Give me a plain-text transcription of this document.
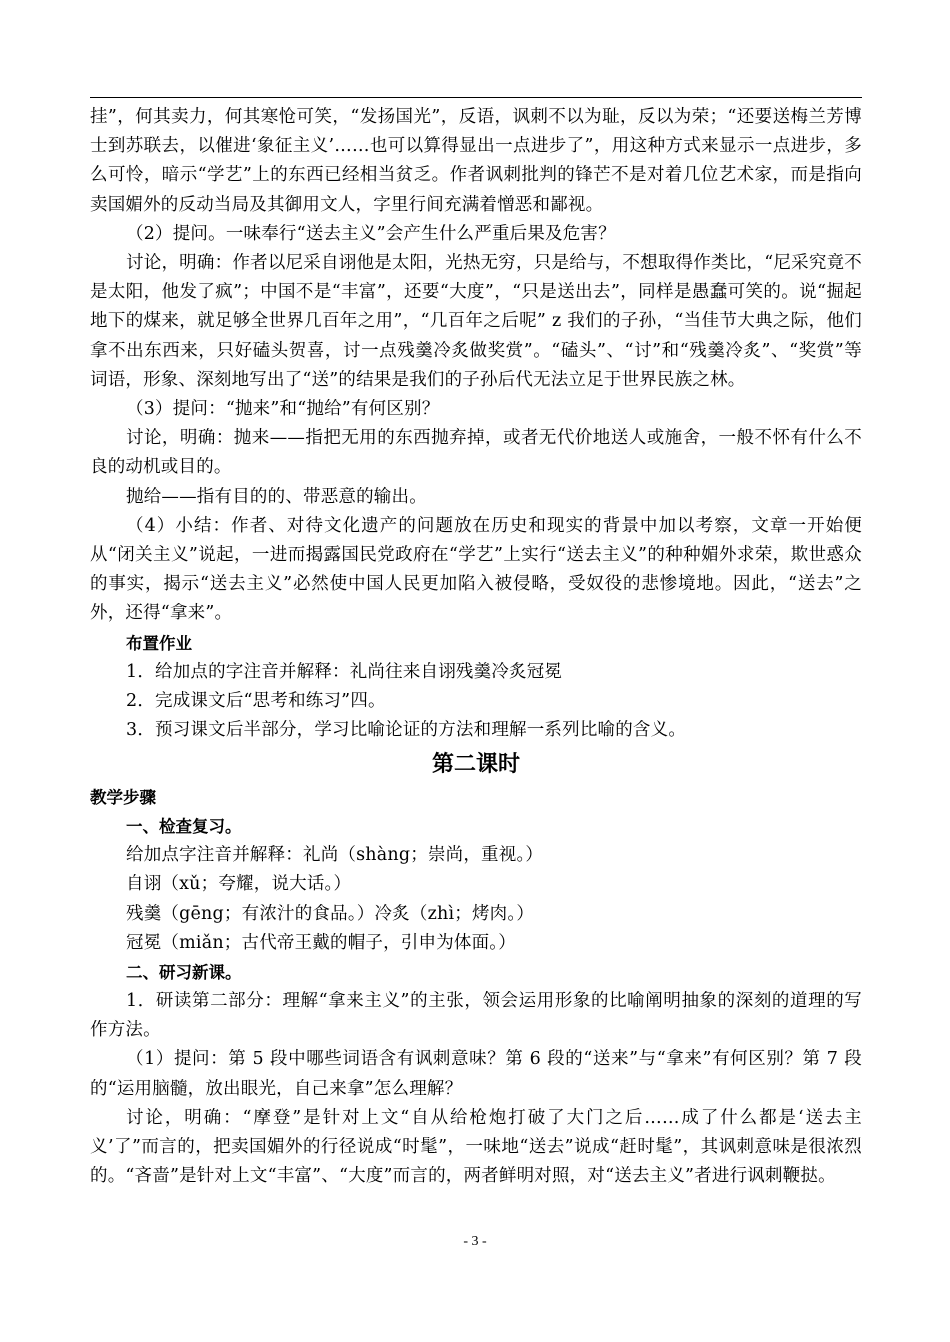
挂”，何其卖力，何其寒怆可笑，“发扬国光”，反语，讽刺不以为耻，反以为荣；“还要送梅兰芳博士到苏联去，以催进‘象征主义’……也可以算得显出一点进步了”，用这种方式来显示一点进步，多么可怜，暗示“学艺”上的东西已经相当贫乏。作者讽刺批判的锋芒不是对着几位艺术家，而是指向卖国媚外的反动当局及其御用文人，字里行间充满着憎恶和鄙视。

（2）提问。一味奉行“送去主义”会产生什么严重后果及危害？

讨论，明确：作者以尼采自诩他是太阳，光热无穷，只是给与，不想取得作类比，“尼采究竟不是太阳，他发了疯”；中国不是“丰富”，还要“大度”，“只是送出去”，同样是愚蠢可笑的。说“掘起地下的煤来，就足够全世界几百年之用”，“几百年之后呢” z 我们的子孙，“当佳节大典之际，他们拿不出东西来，只好磕头贺喜，讨一点残羹冷炙做奖赏”。“磕头”、“讨”和“残羹冷炙”、“奖赏”等词语，形象、深刻地写出了“送”的结果是我们的子孙后代无法立足于世界民族之林。

（3）提问：“抛来”和“抛给”有何区别？

讨论，明确：抛来——指把无用的东西抛弃掉，或者无代价地送人或施舍，一般不怀有什么不良的动机或目的。

抛给——指有目的的、带恶意的输出。

（4）小结：作者、对待文化遗产的问题放在历史和现实的背景中加以考察，文章一开始便从“闭关主义”说起，一进而揭露国民党政府在“学艺”上实行“送去主义”的种种媚外求荣，欺世惑众的事实，揭示“送去主义”必然使中国人民更加陷入被侵略，受奴役的悲惨境地。因此，“送去”之外，还得“拿来”。

布置作业

1．给加点的字注音并解释：礼尚往来自诩残羹冷炙冠冕

2．完成课文后“思考和练习”四。

3．预习课文后半部分，学习比喻论证的方法和理解一系列比喻的含义。

第二课时

教学步骤

一、检查复习。

给加点字注音并解释：礼尚（shàng；崇尚，重视。）

自诩（xǔ；夸耀，说大话。）

残羹（gēng；有浓汁的食品。）冷炙（zhì；烤肉。）

冠冕（miǎn；古代帝王戴的帽子，引申为体面。）

二、研习新课。

1．研读第二部分：理解“拿来主义”的主张，领会运用形象的比喻阐明抽象的深刻的道理的写作方法。

（1）提问：第 5 段中哪些词语含有讽刺意味？第 6 段的“送来”与“拿来”有何区别？第 7 段的“运用脑髓，放出眼光，自己来拿”怎么理解？

讨论，明确：“摩登”是针对上文“自从给枪炮打破了大门之后……成了什么都是‘送去主义’了”而言的，把卖国媚外的行径说成“时髦”，一味地“送去”说成“赶时髦”，其讽刺意味是很浓烈的。“吝啬”是针对上文“丰富”、“大度”而言的，两者鲜明对照，对“送去主义”者进行讽刺鞭挞。

- 3 -
